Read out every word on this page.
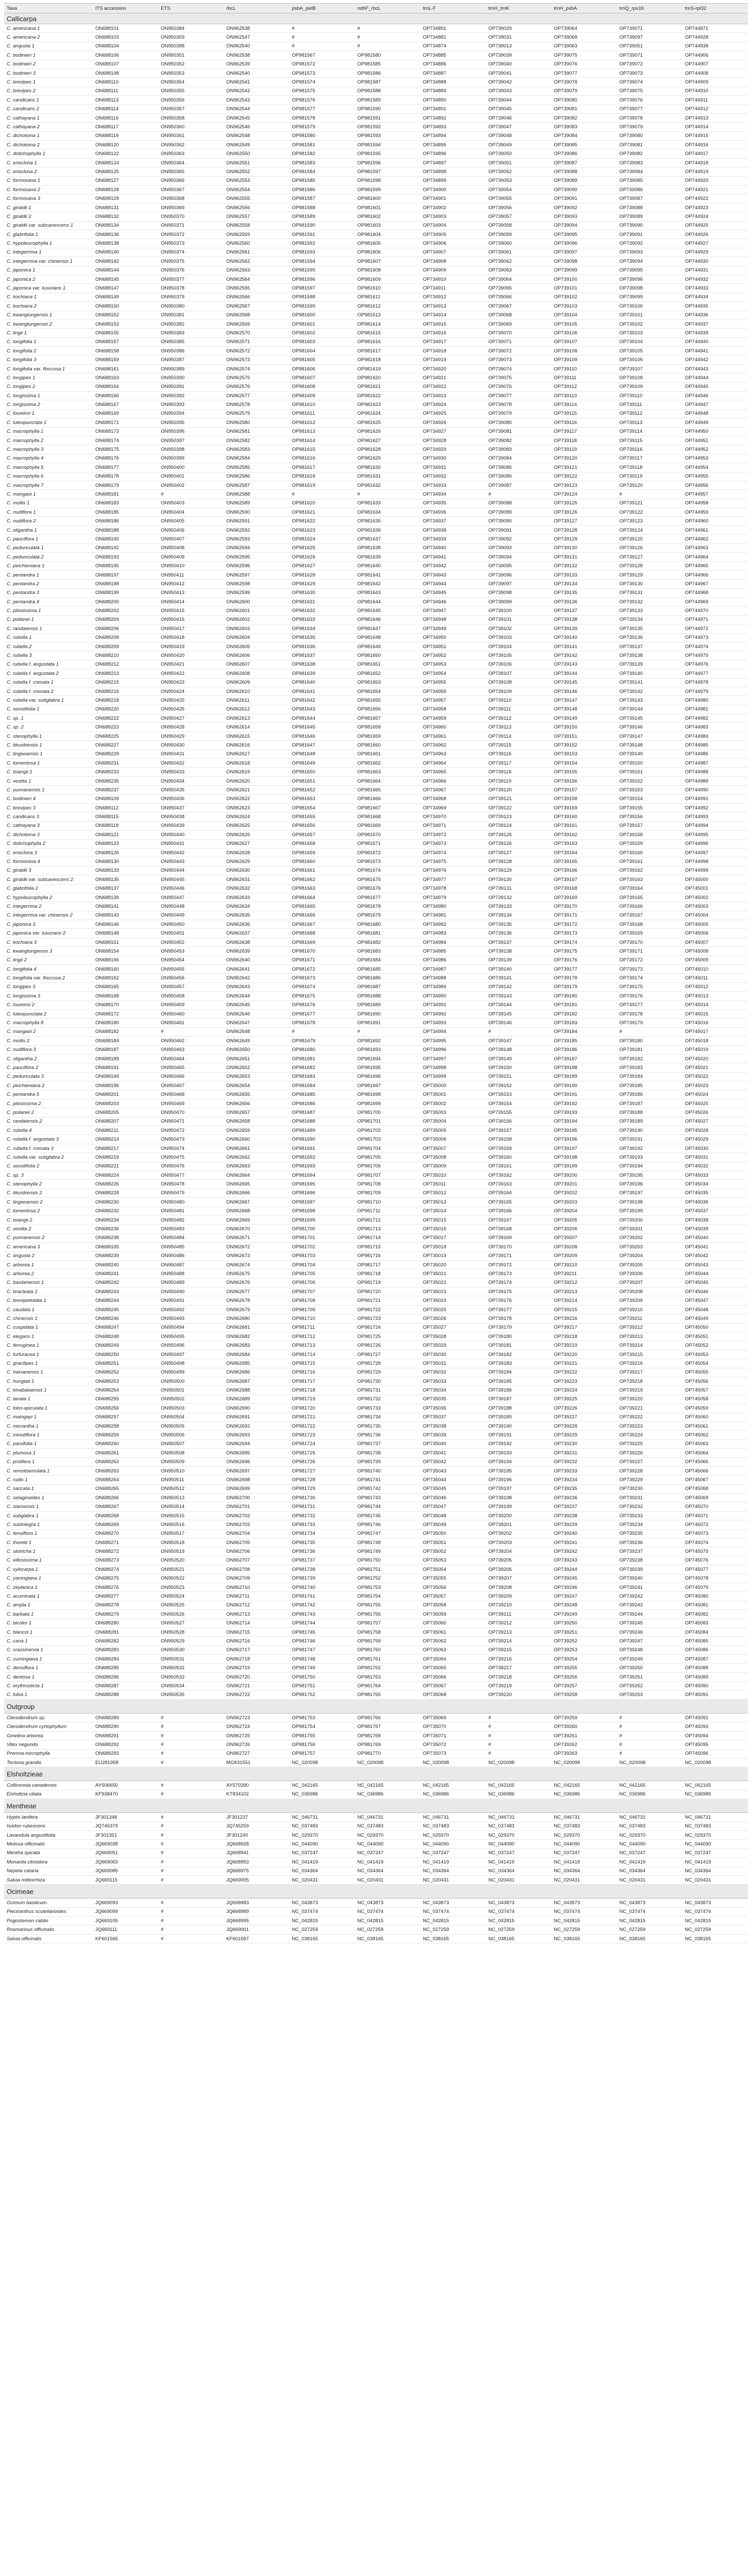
Taxa	ITS accession	ETS	rbcL	psbA_petB	ndhF_rbcL	trnL-F	trnH_trnK	trnH_psbA	trnQ_rps16	trnS-rpl32
Callicarpa										
C. americana 1	ON688101	ON950384	ON962538	#	#	OP734891	OP739029	OP739064	OP739071	OP744871
C. americana 2	ON688103	ON950359	ON962547	#	#	OP734881	OP739031	OP739068	OP739097	OP744928
C. angusta 1	ON688104	ON950388	ON962540	#	#	OP734874	OP739013	OP739063	OP739051	OP744938
C. bodinieri 1	ON688106	ON950351	ON962538	OP981567	OP981580	OP734885	OP739039	OP739075	OP739071	OP744906
C. bodinieri 2	ON688107	ON950352	ON962539	OP981572	OP981585	OP734886	OP739040	OP739076	OP739072	OP744907
C. bodinieri 3	ON688108	ON950353	ON962540	OP981573	OP981586	OP734887	OP739041	OP739077	OP739073	OP744908
C. brevipes 1	ON688110	ON950354	ON962541	OP981574	OP981587	OP734888	OP739042	OP739078	OP739074	OP744909
C. brevipes 2	ON688111	ON950355	ON962542	OP981575	OP981588	OP734889	OP739043	OP739079	OP739075	OP744910
C. candicans 1	ON688113	ON950356	ON962543	OP981576	OP981589	OP734890	OP739044	OP739080	OP739076	OP744911
C. candicans 2	ON688114	ON950357	ON962544	OP981577	OP981590	OP734891	OP739045	OP739081	OP739077	OP744912
C. cathayana 1	ON688116	ON950358	ON962545	OP981578	OP981591	OP734892	OP739046	OP739082	OP739078	OP744913
C. cathayana 2	ON688117	ON950360	ON962546	OP981579	OP981592	OP734893	OP739047	OP739083	OP739079	OP744914
C. dichotoma 1	ON688119	ON950361	ON962548	OP981580	OP981593	OP734894	OP739048	OP739084	OP739080	OP744915
C. dichotoma 2	ON688120	ON950362	ON962549	OP981581	OP981594	OP734895	OP739049	OP739085	OP739081	OP744916
C. dolichophylla 1	ON688122	ON950363	ON962550	OP981582	OP981595	OP734896	OP739050	OP739086	OP739082	OP744917
C. erioclona 1	ON688124	ON950364	ON962551	OP981583	OP981596	OP734897	OP739051	OP739087	OP739083	OP744918
C. erioclona 2	ON688125	ON950365	ON962552	OP981584	OP981597	OP734898	OP739052	OP739088	OP739084	OP744919
C. formosana 1	ON688127	ON950366	ON962553	OP981585	OP981598	OP734899	OP739053	OP739089	OP739085	OP744920
C. formosana 2	ON688128	ON950367	ON962554	OP981586	OP981599	OP734900	OP739054	OP739090	OP739086	OP744921
C. formosana 3	ON688129	ON950368	ON962555	OP981587	OP981600	OP734901	OP739055	OP739091	OP739087	OP744922
C. giraldii 1	ON688131	ON950369	ON962556	OP981588	OP981601	OP734902	OP739056	OP739092	OP739088	OP744923
C. giraldii 2	ON688132	ON950370	ON962557	OP981589	OP981602	OP734903	OP739057	OP739093	OP739089	OP744924
C. giraldii var. subcanescens 1	ON688134	ON950371	ON962558	OP981590	OP981603	OP734904	OP739058	OP739094	OP739090	OP744925
C. glabrifolia 1	ON688136	ON950372	ON962559	OP981591	OP981604	OP734905	OP739059	OP739095	OP739091	OP744926
C. hypoleucophylla 1	ON688138	ON950373	ON962560	OP981592	OP981605	OP734906	OP739060	OP739096	OP739092	OP744927
C. integerrima 1	ON688140	ON950374	ON962561	OP981593	OP981606	OP734907	OP739061	OP739097	OP739093	OP744929
C. integerrima var. chinensis 1	ON688142	ON950375	ON962562	OP981594	OP981607	OP734908	OP739062	OP739098	OP739094	OP744930
C. japonica 1	ON688144	ON950376	ON962563	OP981595	OP981608	OP734909	OP739063	OP739099	OP739095	OP744931
C. japonica 2	ON688145	ON950377	ON962564	OP981596	OP981609	OP734910	OP739064	OP739100	OP739096	OP744932
C. japonica var. luxurians 1	ON688147	ON950378	ON962565	OP981597	OP981610	OP734911	OP739065	OP739101	OP739098	OP744933
C. kochiana 1	ON688149	ON950379	ON962566	OP981598	OP981611	OP734912	OP739066	OP739102	OP739099	OP744934
C. kochiana 2	ON688150	ON950380	ON962567	OP981599	OP981612	OP734913	OP739067	OP739103	OP739100	OP744935
C. kwangtungensis 1	ON688152	ON950381	ON962568	OP981600	OP981613	OP734914	OP739068	OP739104	OP739101	OP744936
C. kwangtungensis 2	ON688153	ON950382	ON962569	OP981601	OP981614	OP734915	OP739069	OP739105	OP739102	OP744937
C. lingii 1	ON688155	ON950383	ON962570	OP981602	OP981615	OP734916	OP739070	OP739106	OP739103	OP744939
C. longifolia 1	ON688157	ON950385	ON962571	OP981603	OP981616	OP734917	OP739071	OP739107	OP739104	OP744940
C. longifolia 2	ON688158	ON950386	ON962572	OP981604	OP981617	OP734918	OP739072	OP739108	OP739105	OP744941
C. longifolia 3	ON688159	ON950387	ON962573	OP981605	OP981618	OP734919	OP739073	OP739109	OP739106	OP744942
C. longifolia var. floccosa 1	ON688161	ON950389	ON962574	OP981606	OP981619	OP734920	OP739074	OP739110	OP739107	OP744943
C. longipes 1	ON688163	ON950390	ON962575	OP981607	OP981620	OP734921	OP739075	OP739111	OP739108	OP744944
C. longipes 2	ON688164	ON950391	ON962576	OP981608	OP981621	OP734922	OP739076	OP739112	OP739109	OP744945
C. longissima 1	ON688166	ON950392	ON962577	OP981609	OP981622	OP734923	OP739077	OP739113	OP739110	OP744946
C. longissima 2	ON688167	ON950393	ON962578	OP981610	OP981623	OP734924	OP739078	OP739114	OP739111	OP744947
C. loureiroi 1	ON688169	ON950394	ON962579	OP981611	OP981624	OP734925	OP739079	OP739115	OP739112	OP744948
C. luteopunctata 1	ON688171	ON950395	ON962580	OP981612	OP981625	OP734926	OP739080	OP739116	OP739113	OP744949
C. macrophylla 1	ON688173	ON950396	ON962581	OP981613	OP981626	OP734927	OP739081	OP739117	OP739114	OP744950
C. macrophylla 2	ON688174	ON950397	ON962582	OP981614	OP981627	OP734928	OP739082	OP739118	OP739115	OP744951
C. macrophylla 3	ON688175	ON950398	ON962583	OP981615	OP981628	OP734929	OP739083	OP739119	OP739116	OP744952
C. macrophylla 4	ON688176	ON950399	ON962584	OP981616	OP981629	OP734930	OP739084	OP739120	OP739117	OP744953
C. macrophylla 5	ON688177	ON950400	ON962585	OP981617	OP981630	OP734931	OP739085	OP739121	OP739118	OP744954
C. macrophylla 6	ON688178	ON950401	ON962586	OP981618	OP981631	OP734932	OP739086	OP739122	OP739119	OP744955
C. macrophylla 7	ON688179	ON950402	ON962587	OP981619	OP981632	OP734933	OP739087	OP739123	OP739120	OP744956
C. mangaoi 1	ON688181	#	ON962588	#	#	OP734934	#	OP739124	#	OP744957
C. mollis 1	ON688183	ON950403	ON962589	OP981620	OP981633	OP734935	OP739088	OP739125	OP739121	OP744958
C. nudiflora 1	ON688185	ON950404	ON962590	OP981621	OP981634	OP734936	OP739089	OP739126	OP739122	OP744959
C. nudiflora 2	ON688186	ON950405	ON962591	OP981622	OP981635	OP734937	OP739090	OP739127	OP739123	OP744960
C. oligantha 1	ON688188	ON950406	ON962592	OP981623	OP981636	OP734938	OP739091	OP739128	OP739124	OP744961
C. pauciflora 1	ON688190	ON950407	ON962593	OP981624	OP981637	OP734939	OP739092	OP739129	OP739125	OP744962
C. pedunculata 1	ON688192	ON950408	ON962594	OP981625	OP981638	OP734940	OP739093	OP739130	OP739126	OP744963
C. pedunculata 2	ON688193	ON950409	ON962595	OP981626	OP981639	OP734941	OP739094	OP739131	OP739127	OP744964
C. peichieniana 1	ON688195	ON950410	ON962596	OP981627	OP981640	OP734942	OP739095	OP739132	OP739128	OP744965
C. pentandra 1	ON688197	ON950411	ON962597	OP981628	OP981641	OP734943	OP739096	OP739133	OP739129	OP744966
C. pentandra 2	ON688198	ON950412	ON962598	OP981629	OP981642	OP734944	OP739097	OP739134	OP739130	OP744967
C. pentandra 3	ON688199	ON950413	ON962599	OP981630	OP981643	OP734945	OP739098	OP739135	OP739131	OP744968
C. pentandra 4	ON688200	ON950414	ON962600	OP981631	OP981644	OP734946	OP739099	OP739136	OP739132	OP744969
C. pilosissima 1	ON688202	ON950415	ON962601	OP981632	OP981645	OP734947	OP739100	OP739137	OP739133	OP744970
C. poilanei 1	ON688204	ON950416	ON962602	OP981633	OP981646	OP734948	OP739101	OP739138	OP739134	OP744971
C. randaiensis 1	ON688206	ON950417	ON962603	OP981634	OP981647	OP734949	OP739102	OP739139	OP739135	OP744972
C. rubella 1	ON688208	ON950418	ON962604	OP981635	OP981648	OP734950	OP739103	OP739140	OP739136	OP744973
C. rubella 2	ON688209	ON950419	ON962605	OP981636	OP981649	OP734951	OP739104	OP739141	OP739137	OP744974
C. rubella 3	ON688210	ON950420	ON962606	OP981637	OP981650	OP734952	OP739105	OP739142	OP739138	OP744975
C. rubella f. angustata 1	ON688212	ON950421	ON962607	OP981638	OP981651	OP734953	OP739106	OP739143	OP739139	OP744976
C. rubella f. angustata 2	ON688213	ON950422	ON962608	OP981639	OP981652	OP734954	OP739107	OP739144	OP739140	OP744977
C. rubella f. crenata 1	ON688215	ON950423	ON962609	OP981640	OP981653	OP734955	OP739108	OP739145	OP739141	OP744978
C. rubella f. crenata 2	ON688216	ON950424	ON962610	OP981641	OP981654	OP734956	OP739109	OP739146	OP739142	OP744979
C. rubella var. subglabra 1	ON688218	ON950425	ON962611	OP981642	OP981655	OP734957	OP739110	OP739147	OP739143	OP744980
C. sessilifolia 1	ON688220	ON950426	ON962612	OP981643	OP981656	OP734958	OP739111	OP739148	OP739144	OP744981
C. sp. 1	ON688222	ON950427	ON962613	OP981644	OP981657	OP734959	OP739112	OP739149	OP739145	OP744982
C. sp. 2	ON688223	ON950428	ON962614	OP981645	OP981658	OP734960	OP739113	OP739150	OP739146	OP744983
C. stenophylla 1	ON688225	ON950429	ON962615	OP981646	OP981659	OP734961	OP739114	OP739151	OP739147	OP744984
C. tikusikensis 1	ON688227	ON950430	ON962616	OP981647	OP981660	OP734962	OP739115	OP739152	OP739148	OP744985
C. tingwuensis 1	ON688229	ON950431	ON962617	OP981648	OP981661	OP734963	OP739116	OP739153	OP739149	OP744986
C. tomentosa 1	ON688231	ON950432	ON962618	OP981649	OP981662	OP734964	OP739117	OP739154	OP739150	OP744987
C. tsiangii 1	ON688233	ON950433	ON962619	OP981650	OP981663	OP734965	OP739118	OP739155	OP739151	OP744988
C. vestita 1	ON688235	ON950434	ON962620	OP981651	OP981664	OP734966	OP739119	OP739156	OP739152	OP744989
C. yunnanensis 1	ON688237	ON950435	ON962621	OP981652	OP981665	OP734967	OP739120	OP739157	OP739153	OP744990
C. bodinieri 4	ON688109	ON950436	ON962622	OP981653	OP981666	OP734968	OP739121	OP739158	OP739154	OP744991
C. brevipes 3	ON688112	ON950437	ON962623	OP981654	OP981667	OP734969	OP739122	OP739159	OP739155	OP744992
C. candicans 3	ON688115	ON950438	ON962624	OP981655	OP981668	OP734970	OP739123	OP739160	OP739156	OP744993
C. cathayana 3	ON688118	ON950439	ON962625	OP981656	OP981669	OP734971	OP739124	OP739161	OP739157	OP744994
C. dichotoma 3	ON688121	ON950440	ON962626	OP981657	OP981670	OP734972	OP739125	OP739162	OP739158	OP744995
C. dolichophylla 2	ON688123	ON950441	ON962627	OP981658	OP981671	OP734973	OP739126	OP739163	OP739159	OP744996
C. erioclona 3	ON688126	ON950442	ON962628	OP981659	OP981672	OP734974	OP739127	OP739164	OP739160	OP744997
C. formosana 4	ON688130	ON950443	ON962629	OP981660	OP981673	OP734975	OP739128	OP739165	OP739161	OP744998
C. giraldii 3	ON688133	ON950444	ON962630	OP981661	OP981674	OP734976	OP739129	OP739166	OP739162	OP744999
C. giraldii var. subcanescens 2	ON688135	ON950445	ON962631	OP981662	OP981675	OP734977	OP739130	OP739167	OP739163	OP745000
C. glabrifolia 2	ON688137	ON950446	ON962632	OP981663	OP981676	OP734978	OP739131	OP739168	OP739164	OP745001
C. hypoleucophylla 2	ON688139	ON950447	ON962633	OP981664	OP981677	OP734979	OP739132	OP739169	OP739165	OP745002
C. integerrima 2	ON688141	ON950448	ON962634	OP981665	OP981678	OP734980	OP739133	OP739170	OP739166	OP745003
C. integerrima var. chinensis 2	ON688143	ON950449	ON962635	OP981666	OP981679	OP734981	OP739134	OP739171	OP739167	OP745004
C. japonica 3	ON688146	ON950450	ON962636	OP981667	OP981680	OP734982	OP739135	OP739172	OP739168	OP745005
C. japonica var. luxurians 2	ON688148	ON950451	ON962637	OP981668	OP981681	OP734983	OP739136	OP739173	OP739169	OP745006
C. kochiana 3	ON688151	ON950452	ON962638	OP981669	OP981682	OP734984	OP739137	OP739174	OP739170	OP745007
C. kwangtungensis 3	ON688154	ON950453	ON962639	OP981670	OP981683	OP734985	OP739138	OP739175	OP739171	OP745008
C. lingii 2	ON688156	ON950454	ON962640	OP981671	OP981684	OP734986	OP739139	OP739176	OP739172	OP745009
C. longifolia 4	ON688160	ON950455	ON962641	OP981672	OP981685	OP734987	OP739140	OP739177	OP739173	OP745010
C. longifolia var. floccosa 2	ON688162	ON950456	ON962642	OP981673	OP981686	OP734988	OP739141	OP739178	OP739174	OP745011
C. longipes 3	ON688165	ON950457	ON962643	OP981674	OP981687	OP734989	OP739142	OP739179	OP739175	OP745012
C. longissima 3	ON688168	ON950458	ON962644	OP981675	OP981688	OP734990	OP739143	OP739180	OP739176	OP745013
C. loureiroi 2	ON688170	ON950459	ON962645	OP981676	OP981689	OP734991	OP739144	OP739181	OP739177	OP745014
C. luteopunctata 2	ON688172	ON950460	ON962646	OP981677	OP981690	OP734992	OP739145	OP739182	OP739178	OP745015
C. macrophylla 8	ON688180	ON950461	ON962647	OP981678	OP981691	OP734993	OP739146	OP739183	OP739179	OP745016
C. mangaoi 2	ON688182	#	ON962648	#	#	OP734994	#	OP739184	#	OP745017
C. mollis 2	ON688184	ON950462	ON962649	OP981679	OP981692	OP734995	OP739147	OP739185	OP739180	OP745018
C. nudiflora 3	ON688187	ON950463	ON962650	OP981680	OP981693	OP734996	OP739148	OP739186	OP739181	OP745019
C. oligantha 2	ON688189	ON950464	ON962651	OP981681	OP981694	OP734997	OP739149	OP739187	OP739182	OP745020
C. pauciflora 2	ON688191	ON950465	ON962652	OP981682	OP981695	OP734998	OP739150	OP739188	OP739183	OP745021
C. pedunculata 3	ON688194	ON950466	ON962653	OP981683	OP981696	OP734999	OP739151	OP739189	OP739184	OP745022
C. peichieniana 2	ON688196	ON950467	ON962654	OP981684	OP981697	OP735000	OP739152	OP739190	OP739185	OP745023
C. pentandra 5	ON688201	ON950468	ON962655	OP981685	OP981698	OP735001	OP739153	OP739191	OP739186	OP745024
C. pilosissima 2	ON688203	ON950469	ON962656	OP981686	OP981699	OP735002	OP739154	OP739192	OP739187	OP745025
C. poilanei 2	ON688205	ON950470	ON962657	OP981687	OP981700	OP735003	OP739155	OP739193	OP739188	OP745026
C. randaiensis 2	ON688207	ON950471	ON962658	OP981688	OP981701	OP735004	OP739156	OP739194	OP739189	OP745027
C. rubella 4	ON688211	ON950472	ON962659	OP981689	OP981702	OP735005	OP739157	OP739195	OP739190	OP745028
C. rubella f. angustata 3	ON688214	ON950473	ON962660	OP981690	OP981703	OP735006	OP739158	OP739196	OP739191	OP745029
C. rubella f. crenata 3	ON688217	ON950474	ON962661	OP981691	OP981704	OP735007	OP739159	OP739197	OP739192	OP745030
C. rubella var. subglabra 2	ON688219	ON950475	ON962662	OP981692	OP981705	OP735008	OP739160	OP739198	OP739193	OP745031
C. sessilifolia 2	ON688221	ON950476	ON962663	OP981693	OP981706	OP735009	OP739161	OP739199	OP739194	OP745032
C. sp. 3	ON688224	ON950477	ON962664	OP981694	OP981707	OP735010	OP739162	OP739200	OP739195	OP745033
C. stenophylla 2	ON688226	ON950478	ON962665	OP981695	OP981708	OP735011	OP739163	OP739201	OP739196	OP745034
C. tikusikensis 2	ON688228	ON950479	ON962666	OP981696	OP981709	OP735012	OP739164	OP739202	OP739197	OP745035
C. tingwuensis 2	ON688230	ON950480	ON962667	OP981697	OP981710	OP735013	OP739165	OP739203	OP739198	OP745036
C. tomentosa 2	ON688232	ON950481	ON962668	OP981698	OP981711	OP735014	OP739166	OP739204	OP739199	OP745037
C. tsiangii 2	ON688234	ON950482	ON962669	OP981699	OP981712	OP735015	OP739167	OP739205	OP739200	OP745038
C. vestita 2	ON688236	ON950483	ON962670	OP981700	OP981713	OP735016	OP739168	OP739206	OP739201	OP745039
C. yunnanensis 2	ON688238	ON950484	ON962671	OP981701	OP981714	OP735017	OP739169	OP739207	OP739202	OP745040
C. americana 3	ON688105	ON950485	ON962672	OP981702	OP981715	OP735018	OP739170	OP739208	OP739203	OP745041
C. angusta 2	ON688239	ON950486	ON962673	OP981703	OP981716	OP735019	OP739171	OP739209	OP739204	OP745042
C. arborea 1	ON688240	ON950487	ON962674	OP981704	OP981717	OP735020	OP739172	OP739210	OP739205	OP745043
C. arborea 2	ON688241	ON950488	ON962675	OP981705	OP981718	OP735021	OP739173	OP739211	OP739206	OP745044
C. basilanensis 1	ON688242	ON950489	ON962676	OP981706	OP981719	OP735022	OP739174	OP739212	OP739207	OP745045
C. bracteata 1	ON688243	ON950490	ON962677	OP981707	OP981720	OP735023	OP739175	OP739213	OP739208	OP745046
C. brevipetiolata 1	ON688244	ON950491	ON962678	OP981708	OP981721	OP735024	OP739176	OP739214	OP739209	OP745047
C. caudata 1	ON688245	ON950492	ON962679	OP981709	OP981722	OP735025	OP739177	OP739215	OP739210	OP745048
C. chinensis 1	ON688246	ON950493	ON962680	OP981710	OP981723	OP735026	OP739178	OP739216	OP739211	OP745049
C. cuspidata 1	ON688247	ON950494	ON962681	OP981711	OP981724	OP735027	OP739179	OP739217	OP739212	OP745050
C. elegans 1	ON688248	ON950495	ON962682	OP981712	OP981725	OP735028	OP739180	OP739218	OP739213	OP745051
C. ferruginea 1	ON688249	ON950496	ON962683	OP981713	OP981726	OP735029	OP739181	OP739219	OP739214	OP745052
C. furfuracea 1	ON688250	ON950497	ON962684	OP981714	OP981727	OP735030	OP739182	OP739220	OP739215	OP745053
C. gracilipes 1	ON688251	ON950498	ON962685	OP981715	OP981728	OP735031	OP739183	OP739221	OP739216	OP745054
C. hainanensis 1	ON688252	ON950499	ON962686	OP981716	OP981729	OP735032	OP739184	OP739222	OP739217	OP745055
C. hungtaii 1	ON688253	ON950500	ON962687	OP981717	OP981730	OP735033	OP739185	OP739223	OP739218	OP745056
C. kinabaluensis 1	ON688254	ON950501	ON962688	OP981718	OP981731	OP735034	OP739186	OP739224	OP739219	OP745057
C. lanata 1	ON688255	ON950502	ON962689	OP981719	OP981732	OP735035	OP739187	OP739225	OP739220	OP745058
C. lobo-apiculata 1	ON688256	ON950503	ON962690	OP981720	OP981733	OP735036	OP739188	OP739226	OP739221	OP745059
C. maingayi 1	ON688257	ON950504	ON962691	OP981721	OP981734	OP735037	OP739189	OP739227	OP739222	OP745060
C. micrantha 1	ON688258	ON950505	ON962692	OP981722	OP981735	OP735038	OP739190	OP739228	OP739223	OP745061
C. minutiflora 1	ON688259	ON950506	ON962693	OP981723	OP981736	OP735039	OP739191	OP739229	OP739224	OP745062
C. parvifolia 1	ON688260	ON950507	ON962694	OP981724	OP981737	OP735040	OP739192	OP739230	OP739225	OP745063
C. plumosa 1	ON688261	ON950508	ON962695	OP981725	OP981738	OP735041	OP739193	OP739231	OP739226	OP745064
C. prolifera 1	ON688262	ON950509	ON962696	OP981726	OP981739	OP735042	OP739194	OP739232	OP739227	OP745065
C. remotiserrulata 1	ON688263	ON950510	ON962697	OP981727	OP981740	OP735043	OP739195	OP739233	OP739228	OP745066
C. rudis 1	ON688264	ON950511	ON962698	OP981728	OP981741	OP735044	OP739196	OP739234	OP739229	OP745067
C. saccata 1	ON688265	ON950512	ON962699	OP981729	OP981742	OP735045	OP739197	OP739235	OP739230	OP745068
C. selaginoides 1	ON688266	ON950513	ON962700	OP981730	OP981743	OP735046	OP739198	OP739236	OP739231	OP745069
C. siamensis 1	ON688267	ON950514	ON962701	OP981731	OP981744	OP735047	OP739199	OP739237	OP739232	OP745070
C. subglabra 1	ON688268	ON950515	ON962702	OP981732	OP981745	OP735048	OP739200	OP739238	OP739233	OP745071
C. subintegra 1	ON688269	ON950516	ON962703	OP981733	OP981746	OP735049	OP739201	OP739239	OP739234	OP745072
C. tenuiflora 1	ON688270	ON950517	ON962704	OP981734	OP981747	OP735050	OP739202	OP739240	OP739235	OP745073
C. thorelii 1	ON688271	ON950518	ON962705	OP981735	OP981748	OP735051	OP739203	OP739241	OP739236	OP745074
C. ulotricha 1	ON688272	ON950519	ON962706	OP981736	OP981749	OP735052	OP739204	OP739242	OP739237	OP745075
C. villosissima 1	ON688273	ON950520	ON962707	OP981737	OP981750	OP735053	OP739205	OP739243	OP739238	OP745076
C. xylocarpa 1	ON688274	ON950521	ON962708	OP981738	OP981751	OP735054	OP739206	OP739244	OP739239	OP745077
C. yarongiana 1	ON688275	ON950522	ON962709	OP981739	OP981752	OP735055	OP739207	OP739245	OP739240	OP745078
C. zeylanica 1	ON688276	ON950523	ON962710	OP981740	OP981753	OP735056	OP739208	OP739246	OP739241	OP745079
C. acuminata 1	ON688277	ON950524	ON962711	OP981741	OP981754	OP735057	OP739209	OP739247	OP739242	OP745080
C. ampla 1	ON688278	ON950525	ON962712	OP981742	OP981755	OP735058	OP739210	OP739248	OP739243	OP745081
C. barbata 1	ON688279	ON950526	ON962713	OP981743	OP981756	OP735059	OP739211	OP739249	OP739244	OP745082
C. bicolor 1	ON688280	ON950527	ON962714	OP981744	OP981757	OP735060	OP739212	OP739250	OP739245	OP745083
C. blancoi 1	ON688281	ON950528	ON962715	OP981745	OP981758	OP735061	OP739213	OP739251	OP739246	OP745084
C. cana 1	ON688282	ON950529	ON962716	OP981746	OP981759	OP735062	OP739214	OP739252	OP739247	OP745085
C. crassinervia 1	ON688283	ON950530	ON962717	OP981747	OP981760	OP735063	OP739215	OP739253	OP739248	OP745086
C. cumingiana 1	ON688284	ON950531	ON962718	OP981748	OP981761	OP735064	OP739216	OP739254	OP739249	OP745087
C. densiflora 1	ON688285	ON950532	ON962719	OP981749	OP981762	OP735065	OP739217	OP739255	OP739250	OP745088
C. dentosa 1	ON688286	ON950533	ON962720	OP981750	OP981763	OP735066	OP739218	OP739256	OP739251	OP745089
C. erythrosticta 1	ON688287	ON950534	ON962721	OP981751	OP981764	OP735067	OP739219	OP739257	OP739252	OP745090
C. fulva 1	ON688288	ON950535	ON962722	OP981752	OP981765	OP735068	OP739220	OP739258	OP739253	OP745091
Outgroup										
Clerodendrum sp.	ON688289	#	ON962723	OP981753	OP981766	OP735069	#	OP739259	#	OP745092
Clerodendrum cyrtophyllum	ON688290	#	ON962724	OP981754	OP981767	OP735070	#	OP739260	#	OP745093
Gmelina arborea	ON688291	#	ON962725	OP981755	OP981768	OP735071	#	OP739261	#	OP745094
Vitex negundo	ON688292	#	ON962726	OP981756	OP981769	OP735072	#	OP739262	#	OP745095
Premna microphylla	ON688293	#	ON962727	OP981757	OP981770	OP735073	#	OP739263	#	OP745096
Tectona grandis	EU281958	#	MG831551	NC_020098	NC_020098	NC_020098	NC_020098	NC_020098	NC_020098	NC_020098
Elsholtzieae										
Collinsonia canadensis	AY506650	#	AY570390	NC_042165	NC_042165	NC_042165	NC_042165	NC_042165	NC_042165	NC_042165
Elsholtzia ciliata	KF938470	#	KT834102	NC_036986	NC_036986	NC_036986	NC_036986	NC_036986	NC_036986	NC_036986
Mentheae										
Hyptis lanifera	JF301348	#	JF301237	NC_046731	NC_046731	NC_046731	NC_046731	NC_046731	NC_046731	NC_046731
Isodon rubescens	JQ745379	#	JQ745259	NC_037483	NC_037483	NC_037483	NC_037483	NC_037483	NC_037483	NC_037483
Lavandula angustifolia	JF301351	#	JF301240	NC_029370	NC_029370	NC_029370	NC_029370	NC_029370	NC_029370	NC_029370
Melissa officinalis	JQ669038	#	JQ668928	NC_044090	NC_044090	NC_044090	NC_044090	NC_044090	NC_044090	NC_044090
Mentha spicata	JQ669051	#	JQ668941	NC_037247	NC_037247	NC_037247	NC_037247	NC_037247	NC_037247	NC_037247
Monarda citriodora	JQ669063	#	JQ668953	NC_041419	NC_041419	NC_041419	NC_041419	NC_041419	NC_041419	NC_041419
Nepeta cataria	JQ669085	#	JQ668975	NC_034364	NC_034364	NC_034364	NC_034364	NC_034364	NC_034364	NC_034364
Salvia miltiorrhiza	JQ669115	#	JQ669005	NC_020431	NC_020431	NC_020431	NC_020431	NC_020431	NC_020431	NC_020431
Ocimeae										
Ocimum basilicum	JQ669093	#	JQ668983	NC_043873	NC_043873	NC_043873	NC_043873	NC_043873	NC_043873	NC_043873
Plectranthus scutellarioides	JQ669099	#	JQ668989	NC_037474	NC_037474	NC_037474	NC_037474	NC_037474	NC_037474	NC_037474
Pogostemon cablin	JQ669105	#	JQ668995	NC_042815	NC_042815	NC_042815	NC_042815	NC_042815	NC_042815	NC_042815
Rosmarinus officinalis	JQ669111	#	JQ669001	NC_027259	NC_027259	NC_027259	NC_027259	NC_027259	NC_027259	NC_027259
Salvia officinalis	KF601565	#	KF601587	NC_038165	NC_038165	NC_038165	NC_038165	NC_038165	NC_038165	NC_038165
